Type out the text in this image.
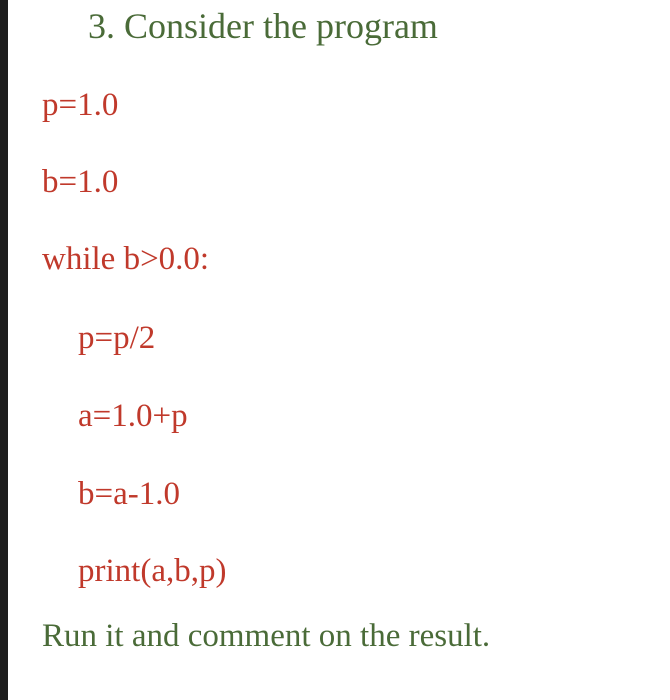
3. Consider the program
p=1.0
b=1.0
while b>0.0:
p=p/2
a=1.0+p
b=a-1.0
print(a,b,p)
Run it and comment on the result.
